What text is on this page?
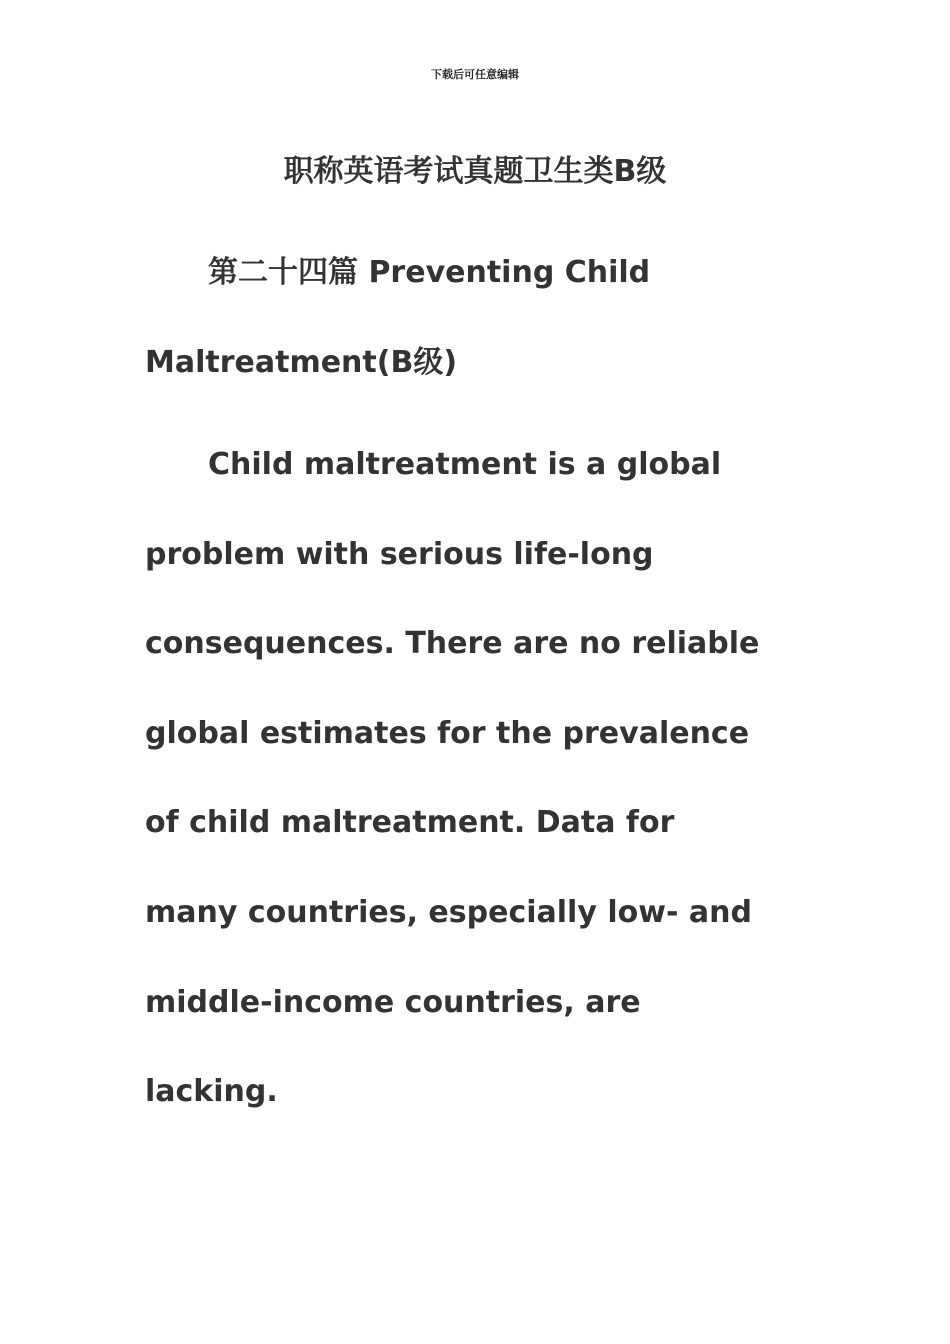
下载后可任意编辑
职称英语考试真题卫生类B级
第二十四篇 Preventing Child
Maltreatment(B级)
Child maltreatment is a global
problem with serious life-long
consequences. There are no reliable
global estimates for the prevalence
of child maltreatment. Data for
many countries, especially low- and
middle-income countries, are
lacking.
